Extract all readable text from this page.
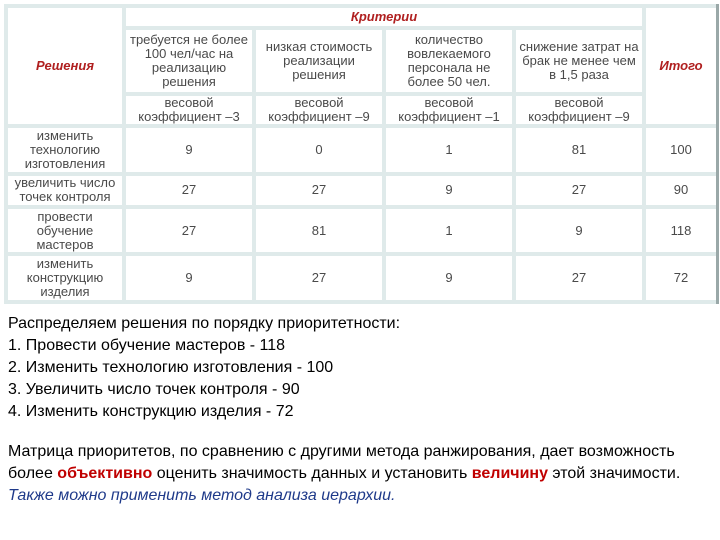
Решения	Критерии				Итого
	требуется не более 100 чел/час на реализацию решения	низкая стоимость реализации решения	количество вовлекаемого персонала не более 50 чел.	снижение затрат на брак не менее чем в 1,5 раза	
	весовой коэффициент –3	весовой коэффициент –9	весовой коэффициент –1	весовой коэффициент –9	
изменить технологию изготовления	9	0	1	81	100
увеличить число точек контроля	27	27	9	27	90
провести обучение мастеров	27	81	1	9	118
изменить конструкцию изделия	9	27	9	27	72

Распределяем решения по порядку приоритетности:

1. Провести обучение мастеров - 118

2. Изменить технологию изготовления - 100

3. Увеличить число точек контроля - 90

4. Изменить конструкцию изделия - 72

Матрица приоритетов, по сравнению с другими метода ранжирования, дает возможность более объективно оценить значимость данных и установить величину этой значимости.

Также можно применить метод анализа иерархии.
